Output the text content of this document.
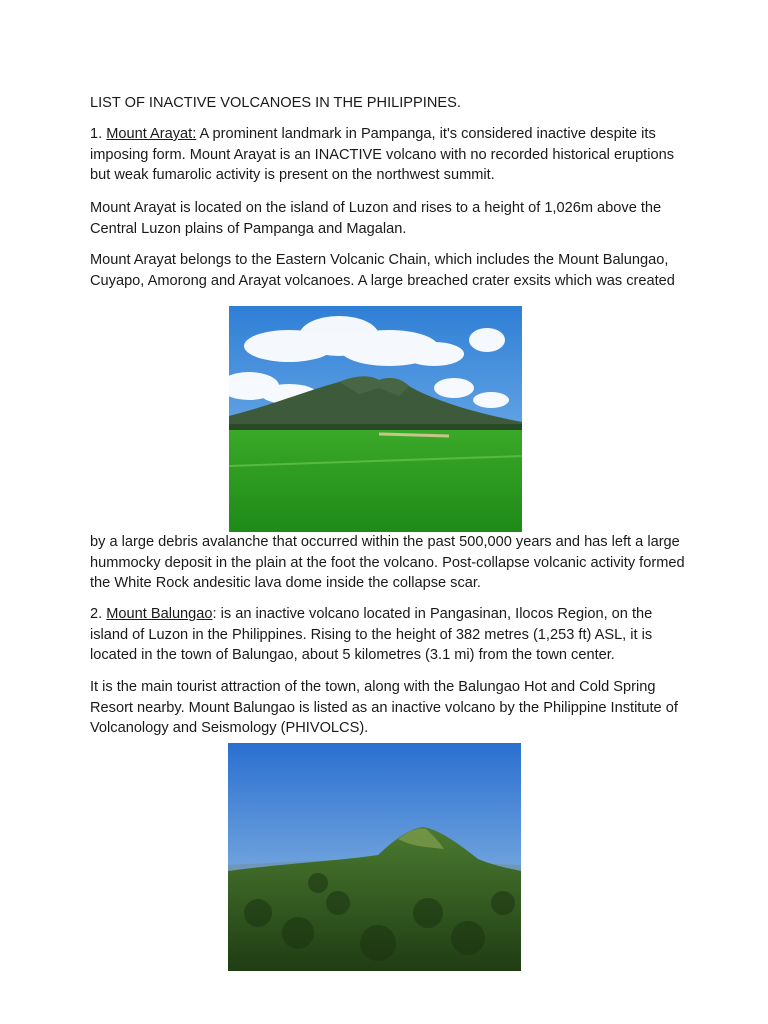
LIST OF INACTIVE VOLCANOES IN THE PHILIPPINES.

1. Mount Arayat: A prominent landmark in Pampanga, it's considered inactive despite its imposing form. Mount Arayat is an INACTIVE volcano with no recorded historical eruptions but weak fumarolic activity is present on the northwest summit.

Mount Arayat is located on the island of Luzon and rises to a height of 1,026m above the Central Luzon plains of Pampanga and Magalan.

Mount Arayat belongs to the Eastern Volcanic Chain, which includes the Mount Balungao, Cuyapo, Amorong and Arayat volcanoes. A large breached crater exsits which was created

by a large debris avalanche that occurred within the past 500,000 years and has left a large hummocky deposit in the plain at the foot the volcano. Post-collapse volcanic activity formed the White Rock andesitic lava dome inside the collapse scar.

2. Mount Balungao: is an inactive volcano located in Pangasinan, Ilocos Region, on the island of Luzon in the Philippines. Rising to the height of 382 metres (1,253 ft) ASL, it is located in the town of Balungao, about 5 kilometres (3.1 mi) from the town center.

It is the main tourist attraction of the town, along with the Balungao Hot and Cold Spring Resort nearby. Mount Balungao is listed as an inactive volcano by the Philippine Institute of Volcanology and Seismology (PHIVOLCS).
